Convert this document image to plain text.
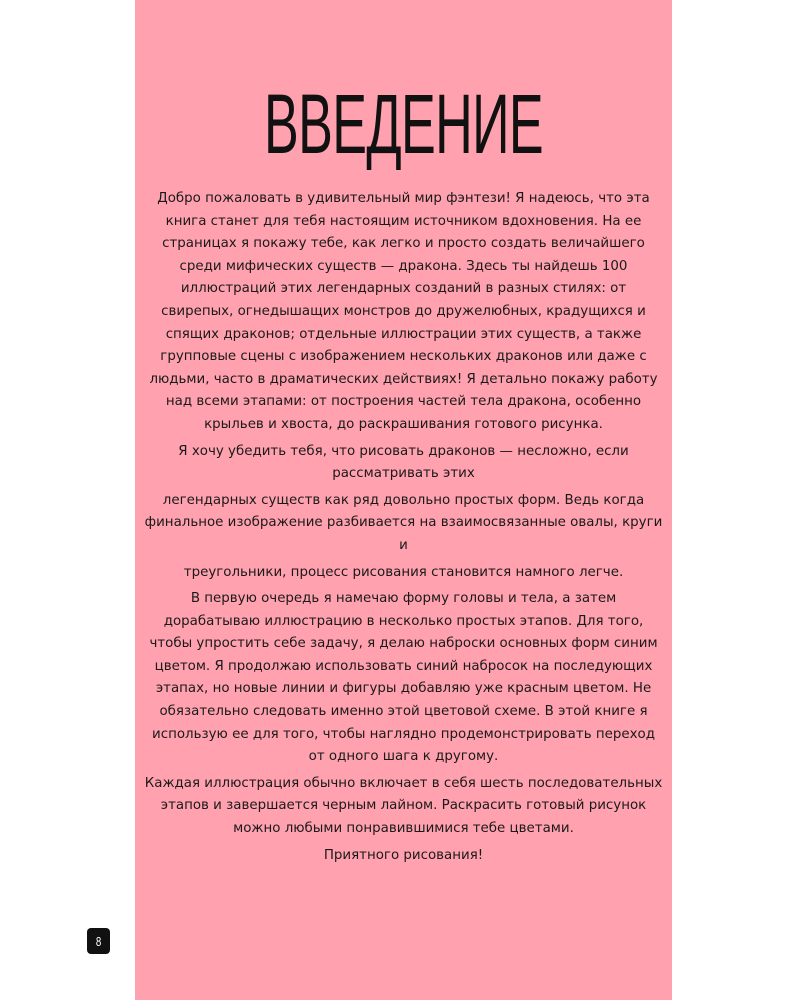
ВВЕДЕНИЕ

Добро пожаловать в удивительный мир фэнтези! Я надеюсь, что эта книга станет для тебя настоящим источником вдохновения. На ее страницах я покажу тебе, как легко и просто создать величайшего среди мифических существ — дракона. Здесь ты найдешь 100 иллюстраций этих легендарных созданий в разных стилях: от свирепых, огнедышащих монстров до дружелюбных, крадущихся и спящих драконов; отдельные иллюстрации этих существ, а также групповые сцены с изображением нескольких драконов или даже с людьми, часто в драматических действиях! Я детально покажу работу над всеми этапами: от построения частей тела дракона, особенно крыльев и хвоста, до раскрашивания готового рисунка.

Я хочу убедить тебя, что рисовать драконов — несложно, если рассматривать этих

легендарных существ как ряд довольно простых форм. Ведь когда финальное изображение разбивается на взаимосвязанные овалы, круги и

треугольники, процесс рисования становится намного легче.

В первую очередь я намечаю форму головы и тела, а затем дорабатываю иллюстрацию в несколько простых этапов. Для того, чтобы упростить себе задачу, я делаю наброски основных форм синим цветом. Я продолжаю использовать синий набросок на последующих этапах, но новые линии и фигуры добавляю уже красным цветом. Не обязательно следовать именно этой цветовой схеме. В этой книге я использую ее для того, чтобы наглядно продемонстрировать переход от одного шага к другому.

Каждая иллюстрация обычно включает в себя шесть последовательных этапов и завершается черным лайном. Раскрасить готовый рисунок можно любыми понравившимися тебе цветами.

Приятного рисования!

8
